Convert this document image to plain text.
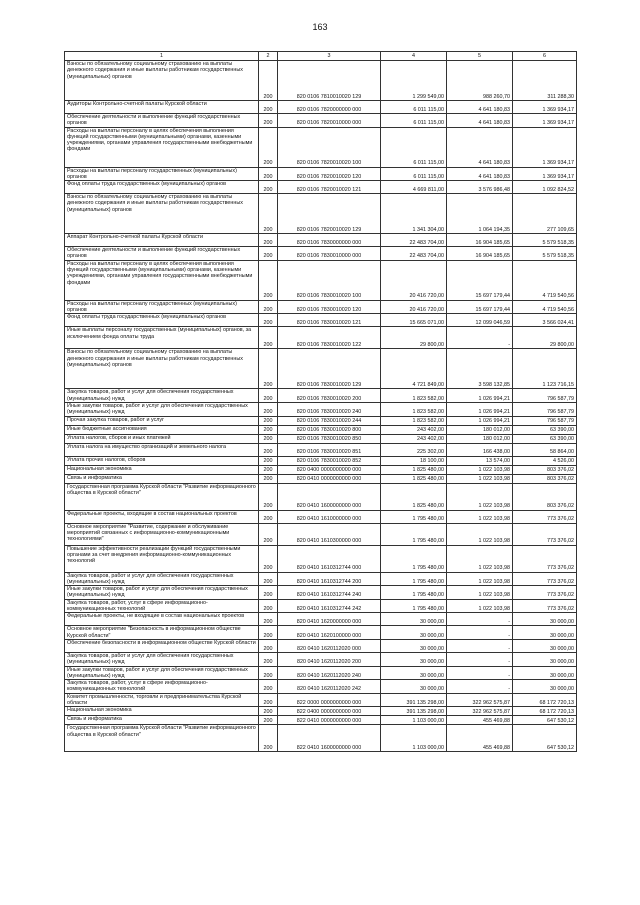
163
1	2	3	4	5	6
Взносы по обязательному социальному страхованию на выплаты денежного содержания и иные выплаты работникам государственных (муниципальных) органов	200	820 0106 7810010020 129	1 299 549,00	988 260,70	311 288,30
Аудиторы Контрольно-счетной палаты Курской области	200	820 0106 7820000000 000	6 011 115,00	4 641 180,83	1 369 934,17
Обеспечение деятельности и выполнение функций государственных органов	200	820 0106 7820010000 000	6 011 115,00	4 641 180,83	1 369 934,17
Расходы на выплаты персоналу в целях обеспечения выполнения функций государственными (муниципальными) органами, казенными учреждениями, органами управления государственными внебюджетными фондами	200	820 0106 7820010020 100	6 011 115,00	4 641 180,83	1 369 934,17
Расходы на выплаты персоналу государственных (муниципальных) органов	200	820 0106 7820010020 120	6 011 115,00	4 641 180,83	1 369 934,17
Фонд оплаты труда государственных (муниципальных) органов	200	820 0106 7820010020 121	4 669 811,00	3 576 986,48	1 092 824,52
Взносы по обязательному социальному страхованию на выплаты денежного содержания и иные выплаты работникам государственных (муниципальных) органов	200	820 0106 7820010020 129	1 341 304,00	1 064 194,35	277 109,65
Аппарат Контрольно-счетной палаты Курской области	200	820 0106 7830000000 000	22 483 704,00	16 904 185,65	5 579 518,35
Обеспечение деятельности и выполнение функций государственных органов	200	820 0106 7830010000 000	22 483 704,00	16 904 185,65	5 579 518,35
Расходы на выплаты персоналу в целях обеспечения выполнения функций государственными (муниципальными) органами, казенными учреждениями, органами управления государственными внебюджетными фондами	200	820 0106 7830010020 100	20 416 720,00	15 697 179,44	4 719 540,56
Расходы на выплаты персоналу государственных (муниципальных) органов	200	820 0106 7830010020 120	20 416 720,00	15 697 179,44	4 719 540,56
Фонд оплаты труда государственных (муниципальных) органов	200	820 0106 7830010020 121	15 665 071,00	12 099 046,59	3 566 024,41
Иные выплаты персоналу государственных (муниципальных) органов, за исключением фонда оплаты труда	200	820 0106 7830010020 122	29 800,00	-	29 800,00
Взносы по обязательному социальному страхованию на выплаты денежного содержания и иные выплаты работникам государственных (муниципальных) органов	200	820 0106 7830010020 129	4 721 849,00	3 598 132,85	1 123 716,15
Закупка товаров, работ и услуг для обеспечения государственных (муниципальных) нужд	200	820 0106 7830010020 200	1 823 582,00	1 026 994,21	796 587,79
Иные закупки товаров, работ и услуг для обеспечения государственных (муниципальных) нужд	200	820 0106 7830010020 240	1 823 582,00	1 026 994,21	796 587,79
Прочая закупка товаров, работ и услуг	200	820 0106 7830010020 244	1 823 582,00	1 026 994,21	796 587,79
Иные бюджетные ассигнования	200	820 0106 7830010020 800	243 402,00	180 012,00	63 390,00
Уплата налогов, сборов и иных платежей	200	820 0106 7830010020 850	243 402,00	180 012,00	63 390,00
Уплата налога на имущество организаций и земельного налога	200	820 0106 7830010020 851	225 302,00	166 438,00	58 864,00
Уплата прочих налогов, сборов	200	820 0106 7830010020 852	18 100,00	13 574,00	4 526,00
Национальная экономика	200	820 0400 0000000000 000	1 825 480,00	1 022 103,98	803 376,02
Связь и информатика	200	820 0410 0000000000 000	1 825 480,00	1 022 103,98	803 376,02
Государственная программа Курской области "Развитие информационного общества в Курской области"	200	820 0410 1600000000 000	1 825 480,00	1 022 103,98	803 376,02
Федеральные проекты, входящие в состав национальных проектов	200	820 0410 1610000000 000	1 795 480,00	1 022 103,98	773 376,02
Основное мероприятие "Развитие, содержание и обслуживание мероприятий связанных с информационно-коммуникационными технологиями"	200	820 0410 1610300000 000	1 795 480,00	1 022 103,98	773 376,02
Повышение эффективности реализации функций государственными органами за счет внедрения информационно-коммуникационных технологий	200	820 0410 1610312744 000	1 795 480,00	1 022 103,98	773 376,02
Закупка товаров, работ и услуг для обеспечения государственных (муниципальных) нужд	200	820 0410 1610312744 200	1 795 480,00	1 022 103,98	773 376,02
Иные закупки товаров, работ и услуг для обеспечения государственных (муниципальных) нужд	200	820 0410 1610312744 240	1 795 480,00	1 022 103,98	773 376,02
Закупка товаров, работ, услуг в сфере информационно-коммуникационных технологий	200	820 0410 1610312744 242	1 795 480,00	1 022 103,98	773 376,02
Федеральные проекты, не входящие в состав национальных проектов	200	820 0410 1620000000 000	30 000,00	-	30 000,00
Основное мероприятие "Безопасность в информационном обществе Курской области"	200	820 0410 1620100000 000	30 000,00	-	30 000,00
Обеспечение безопасности в информационном обществе Курской области	200	820 0410 1620112020 000	30 000,00	-	30 000,00
Закупка товаров, работ и услуг для обеспечения государственных (муниципальных) нужд	200	820 0410 1620112020 200	30 000,00	-	30 000,00
Иные закупки товаров, работ и услуг для обеспечения государственных (муниципальных) нужд	200	820 0410 1620112020 240	30 000,00	-	30 000,00
Закупка товаров, работ, услуг в сфере информационно-коммуникационных технологий	200	820 0410 1620112020 242	30 000,00	-	30 000,00
Комитет промышленности, торговли и предпринимательства Курской области	200	822 0000 0000000000 000	391 135 298,00	322 962 575,87	68 172 720,13
Национальная экономика	200	822 0400 0000000000 000	391 135 298,00	322 962 575,87	68 172 720,13
Связь и информатика	200	822 0410 0000000000 000	1 103 000,00	455 469,88	647 530,12
Государственная программа Курской области "Развитие информационного общества в Курской области"	200	822 0410 1600000000 000	1 103 000,00	455 469,88	647 530,12
